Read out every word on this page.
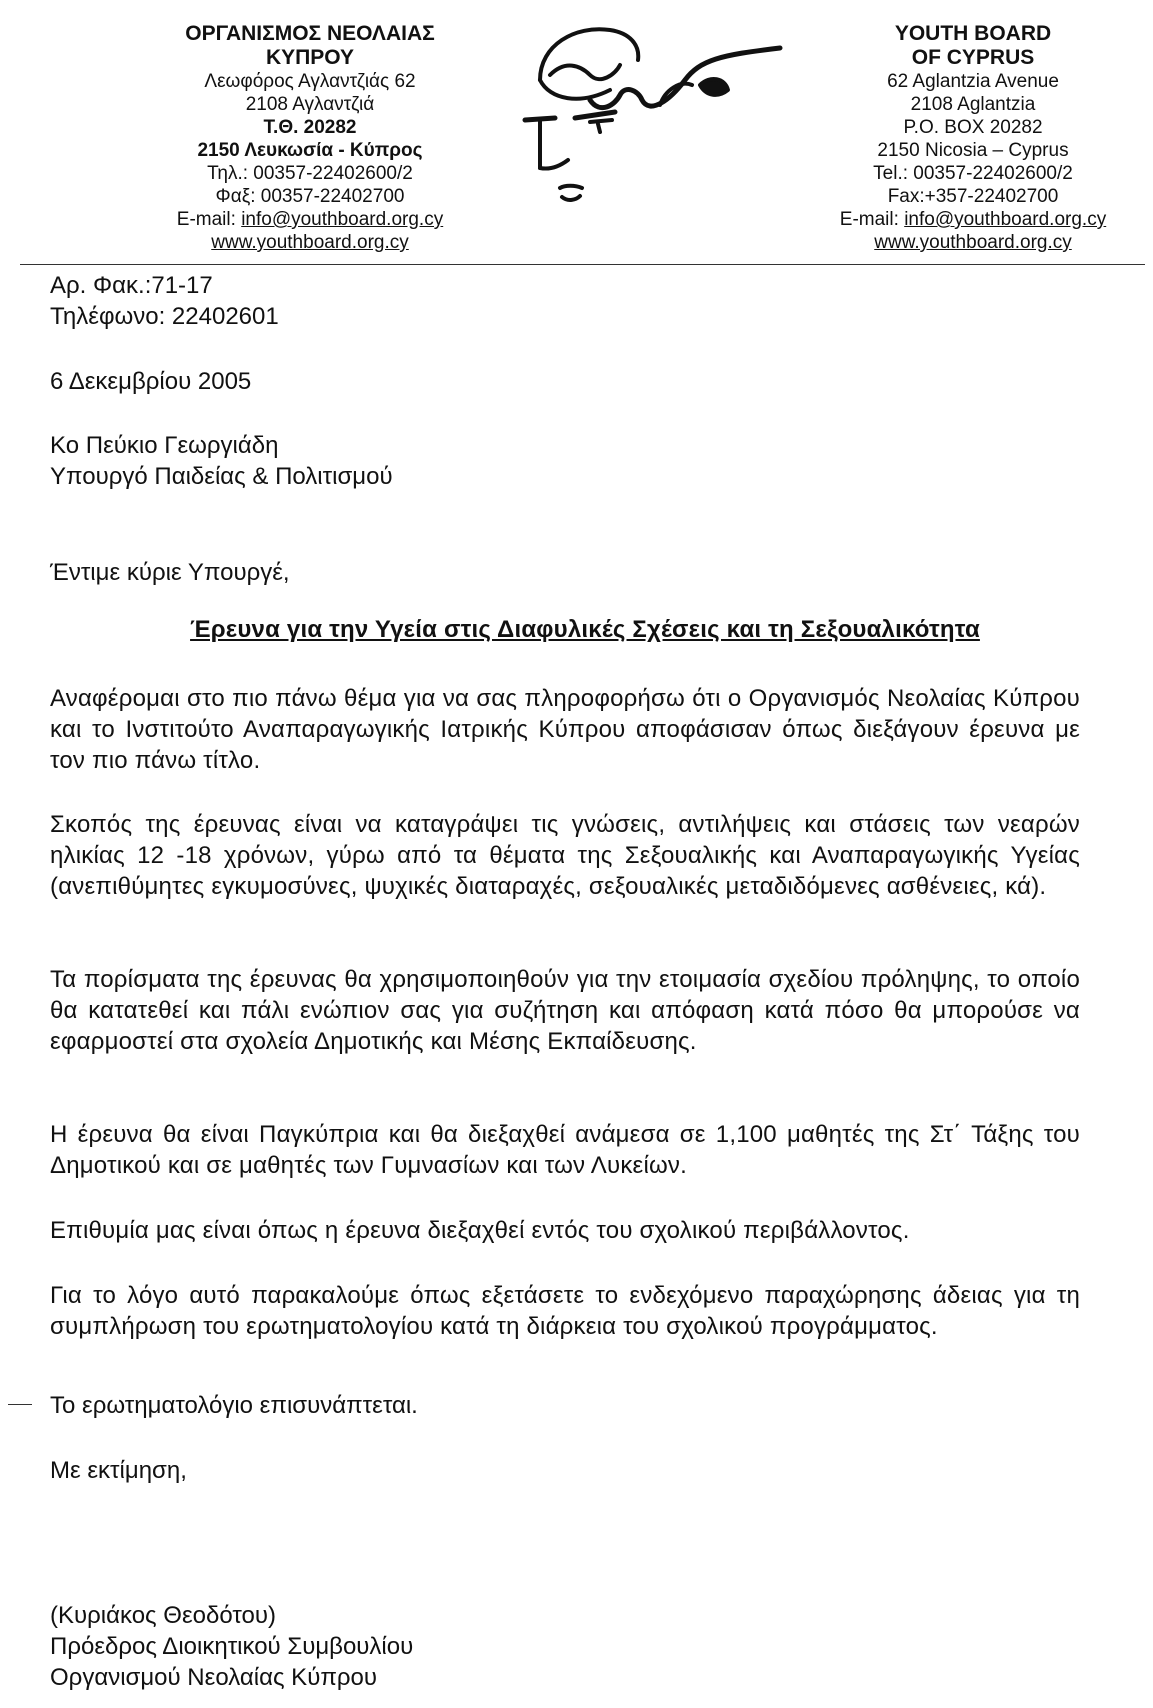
ΟΡΓΑΝΙΣΜΟΣ ΝΕΟΛΑΙΑΣ
ΚΥΠΡΟΥ
Λεωφόρος Αγλαντζιάς 62
2108 Αγλαντζιά
Τ.Θ. 20282
2150 Λευκωσία - Κύπρος
Τηλ.: 00357-22402600/2
Φαξ: 00357-22402700
E-mail: info@youthboard.org.cy
www.youthboard.org.cy
YOUTH BOARD
OF CYPRUS
62 Aglantzia Avenue
2108 Aglantzia
P.O. BOX 20282
2150 Nicosia – Cyprus
Tel.: 00357-22402600/2
Fax:+357-22402700
E-mail: info@youthboard.org.cy
www.youthboard.org.cy
Αρ. Φακ.:71-17
Τηλέφωνο: 22402601
6 Δεκεμβρίου 2005
Κο Πεύκιο Γεωργιάδη
Υπουργό Παιδείας & Πολιτισμού
Έντιμε κύριε Υπουργέ,
Έρευνα για την Υγεία στις Διαφυλικές Σχέσεις και τη Σεξουαλικότητα
Αναφέρομαι στο πιο πάνω θέμα για να σας πληροφορήσω ότι ο Οργανισμός Νεολαίας Κύπρου και το Ινστιτούτο Αναπαραγωγικής Ιατρικής Κύπρου αποφάσισαν όπως διεξάγουν έρευνα με τον πιο πάνω τίτλο.
Σκοπός της έρευνας είναι να καταγράψει τις γνώσεις, αντιλήψεις και στάσεις των νεαρών ηλικίας 12 -18 χρόνων, γύρω από τα θέματα της Σεξουαλικής και Αναπαραγωγικής Υγείας (ανεπιθύμητες εγκυμοσύνες, ψυχικές διαταραχές, σεξουαλικές μεταδιδόμενες ασθένειες, κά).
Τα πορίσματα της έρευνας θα χρησιμοποιηθούν για την ετοιμασία σχεδίου πρόληψης, το οποίο θα κατατεθεί και πάλι ενώπιον σας για συζήτηση και απόφαση κατά πόσο θα μπορούσε να εφαρμοστεί στα σχολεία Δημοτικής και Μέσης Εκπαίδευσης.
Η έρευνα θα είναι Παγκύπρια και θα διεξαχθεί ανάμεσα σε 1,100 μαθητές της Στ΄ Τάξης του Δημοτικού και σε μαθητές των Γυμνασίων και των Λυκείων.
Επιθυμία μας είναι όπως η έρευνα διεξαχθεί εντός του σχολικού περιβάλλοντος.
Για το λόγο αυτό παρακαλούμε όπως εξετάσετε το ενδεχόμενο παραχώρησης άδειας για τη συμπλήρωση του ερωτηματολογίου κατά τη διάρκεια του σχολικού προγράμματος.
Το ερωτηματολόγιο επισυνάπτεται.
Με εκτίμηση,
(Κυριάκος Θεοδότου)
Πρόεδρος Διοικητικού Συμβουλίου
Οργανισμού Νεολαίας Κύπρου
